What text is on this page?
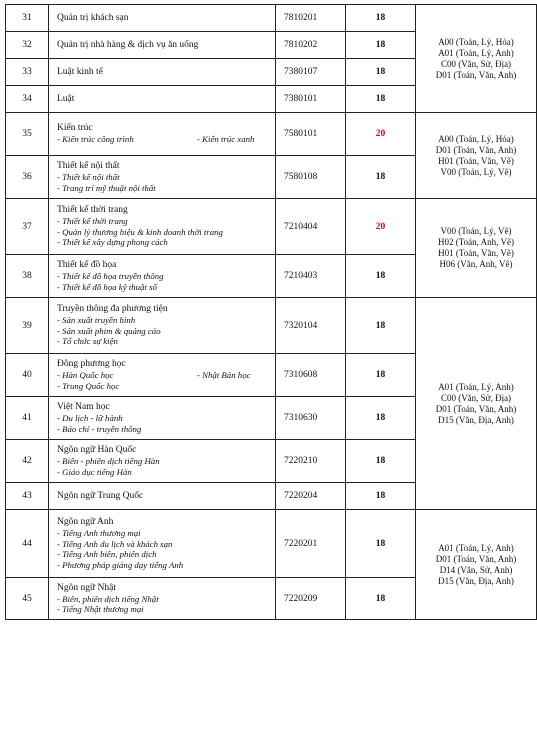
31	Quản trị khách sạn	7810201	18	A00 (Toán, Lý, Hóa)
A01 (Toán, Lý, Anh)
C00 (Văn, Sử, Địa)
D01 (Toán, Văn, Anh)

32	Quản trị nhà hàng & dịch vụ ăn uống	7810202	18	
33	Luật kinh tế	7380107	18	
34	Luật	7380101	18	
35	Kiến trúc
- Kiến trúc công trình - Kiến trúc xanh	7580101	20	A00 (Toán, Lý, Hóa)
D01 (Toán, Văn, Anh)
H01 (Toán, Văn, Vẽ)
V00 (Toán, Lý, Vẽ)

36	Thiết kế nội thất
- Thiết kế nội thất
- Trang trí mỹ thuật nội thất	7580108	18	
37	Thiết kế thời trang
- Thiết kế thời trang
- Quản lý thương hiệu & kinh doanh thời trang
- Thiết kế xây dựng phong cách	7210404	20	V00 (Toán, Lý, Vẽ)
H02 (Toán, Anh, Vẽ)
H01 (Toán, Văn, Vẽ)
H06 (Văn, Anh, Vẽ)

38	Thiết kế đồ họa
- Thiết kế đồ họa truyền thông
- Thiết kế đồ họa kỹ thuật số	7210403	18	
39	Truyền thông đa phương tiện
- Sản xuất truyền hình
- Sản xuất phim & quảng cáo
- Tổ chức sự kiện	7320104	18	A01 (Toán, Lý, Anh)
C00 (Văn, Sử, Địa)
D01 (Toán, Văn, Anh)
D15 (Văn, Địa, Anh)

40	Đông phương học
- Hàn Quốc học - Nhật Bản học
- Trung Quốc học	7310608	18	
41	Việt Nam học
- Du lịch - lữ hành
- Báo chí - truyền thông	7310630	18	
42	Ngôn ngữ Hàn Quốc
- Biên - phiên dịch tiếng Hàn
- Giáo dục tiếng Hàn	7220210	18	
43	Ngôn ngữ Trung Quốc	7220204	18	
44	Ngôn ngữ Anh
- Tiếng Anh thương mại
- Tiếng Anh du lịch và khách sạn
- Tiếng Anh biên, phiên dịch
- Phương pháp giảng dạy tiếng Anh	7220201	18	A01 (Toán, Lý, Anh)
D01 (Toán, Văn, Anh)
D14 (Văn, Sử, Anh)
D15 (Văn, Địa, Anh)

45	Ngôn ngữ Nhật
- Biên, phiên dịch tiếng Nhật
- Tiếng Nhật thương mại	7220209	18	
